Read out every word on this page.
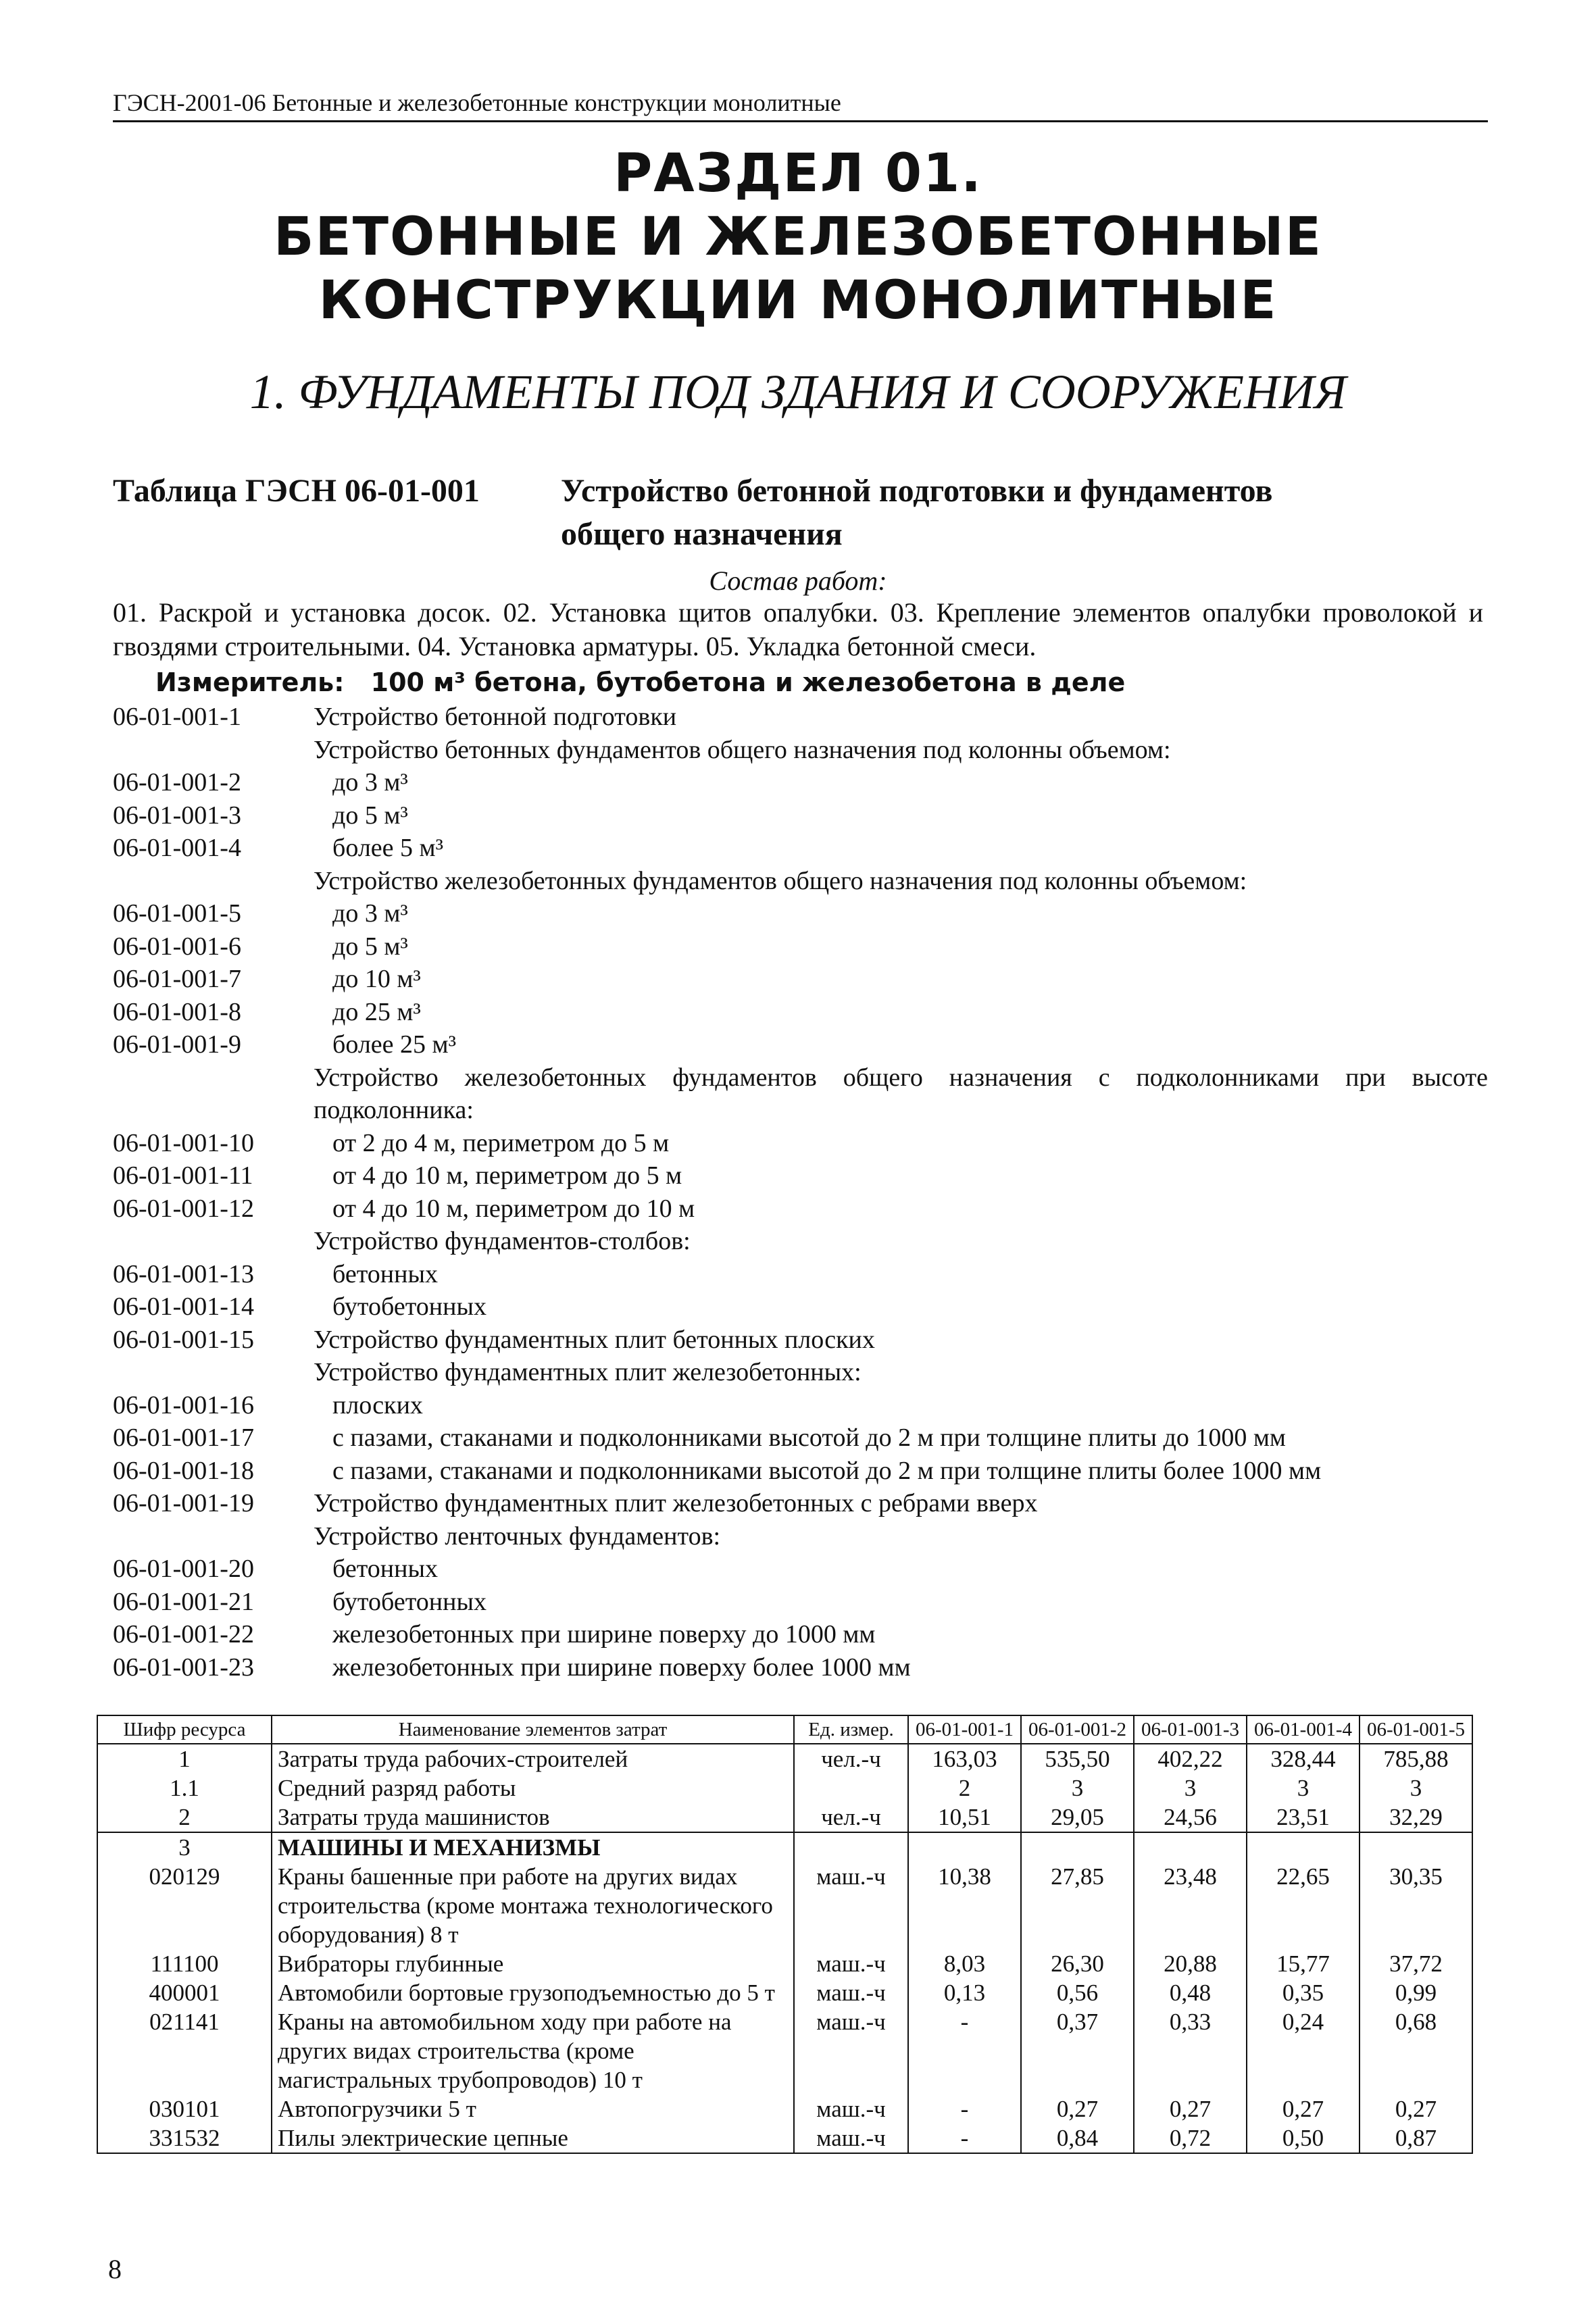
ГЭСН-2001-06 Бетонные и железобетонные конструкции монолитные
РАЗДЕЛ 01.
БЕТОННЫЕ И ЖЕЛЕЗОБЕТОННЫЕ
КОНСТРУКЦИИ МОНОЛИТНЫЕ
1. ФУНДАМЕНТЫ ПОД ЗДАНИЯ И СООРУЖЕНИЯ
Таблица ГЭСН 06-01-001	Устройство бетонной подготовки и фундаментов
общего назначения
Состав работ:
01. Раскрой и установка досок. 02. Установка щитов опалубки. 03. Крепление элементов опалубки проволокой и гвоздями строительными. 04. Установка арматуры. 05. Укладка бетонной смеси.
Измеритель: 100 м³ бетона, бутобетона и железобетона в деле
06-01-001-1	Устройство бетонной подготовки
Устройство бетонных фундаментов общего назначения под колонны объемом:
06-01-001-2	до 3 м³
06-01-001-3	до 5 м³
06-01-001-4	более 5 м³
Устройство железобетонных фундаментов общего назначения под колонны объемом:
06-01-001-5	до 3 м³
06-01-001-6	до 5 м³
06-01-001-7	до 10 м³
06-01-001-8	до 25 м³
06-01-001-9	более 25 м³
Устройство железобетонных фундаментов общего назначения с подколонниками при высоте подколонника:
06-01-001-10	от 2 до 4 м, периметром до 5 м
06-01-001-11	от 4 до 10 м, периметром до 5 м
06-01-001-12	от 4 до 10 м, периметром до 10 м
Устройство фундаментов-столбов:
06-01-001-13	бетонных
06-01-001-14	бутобетонных
06-01-001-15	Устройство фундаментных плит бетонных плоских
Устройство фундаментных плит железобетонных:
06-01-001-16	плоских
06-01-001-17	с пазами, стаканами и подколонниками высотой до 2 м при толщине плиты до 1000 мм
06-01-001-18	с пазами, стаканами и подколонниками высотой до 2 м при толщине плиты более 1000 мм
06-01-001-19	Устройство фундаментных плит железобетонных с ребрами вверх
Устройство ленточных фундаментов:
06-01-001-20	бетонных
06-01-001-21	бутобетонных
06-01-001-22	железобетонных при ширине поверху до 1000 мм
06-01-001-23	железобетонных при ширине поверху более 1000 мм
Шифр ресурса	Наименование элементов затрат	Ед. измер.	06-01-001-1	06-01-001-2	06-01-001-3	06-01-001-4	06-01-001-5
1	Затраты труда рабочих-строителей	чел.-ч	163,03	535,50	402,22	328,44	785,88
1.1	Средний разряд работы		2	3	3	3	3
2	Затраты труда машинистов	чел.-ч	10,51	29,05	24,56	23,51	32,29
3	МАШИНЫ И МЕХАНИЗМЫ						
020129	Краны башенные при работе на других видах строительства (кроме монтажа технологического оборудования) 8 т	маш.-ч	10,38	27,85	23,48	22,65	30,35
111100	Вибраторы глубинные	маш.-ч	8,03	26,30	20,88	15,77	37,72
400001	Автомобили бортовые грузоподъемностью до 5 т	маш.-ч	0,13	0,56	0,48	0,35	0,99
021141	Краны на автомобильном ходу при работе на других видах строительства (кроме магистральных трубопроводов) 10 т	маш.-ч	-	0,37	0,33	0,24	0,68
030101	Автопогрузчики 5 т	маш.-ч	-	0,27	0,27	0,27	0,27
331532	Пилы электрические цепные	маш.-ч	-	0,84	0,72	0,50	0,87
8
